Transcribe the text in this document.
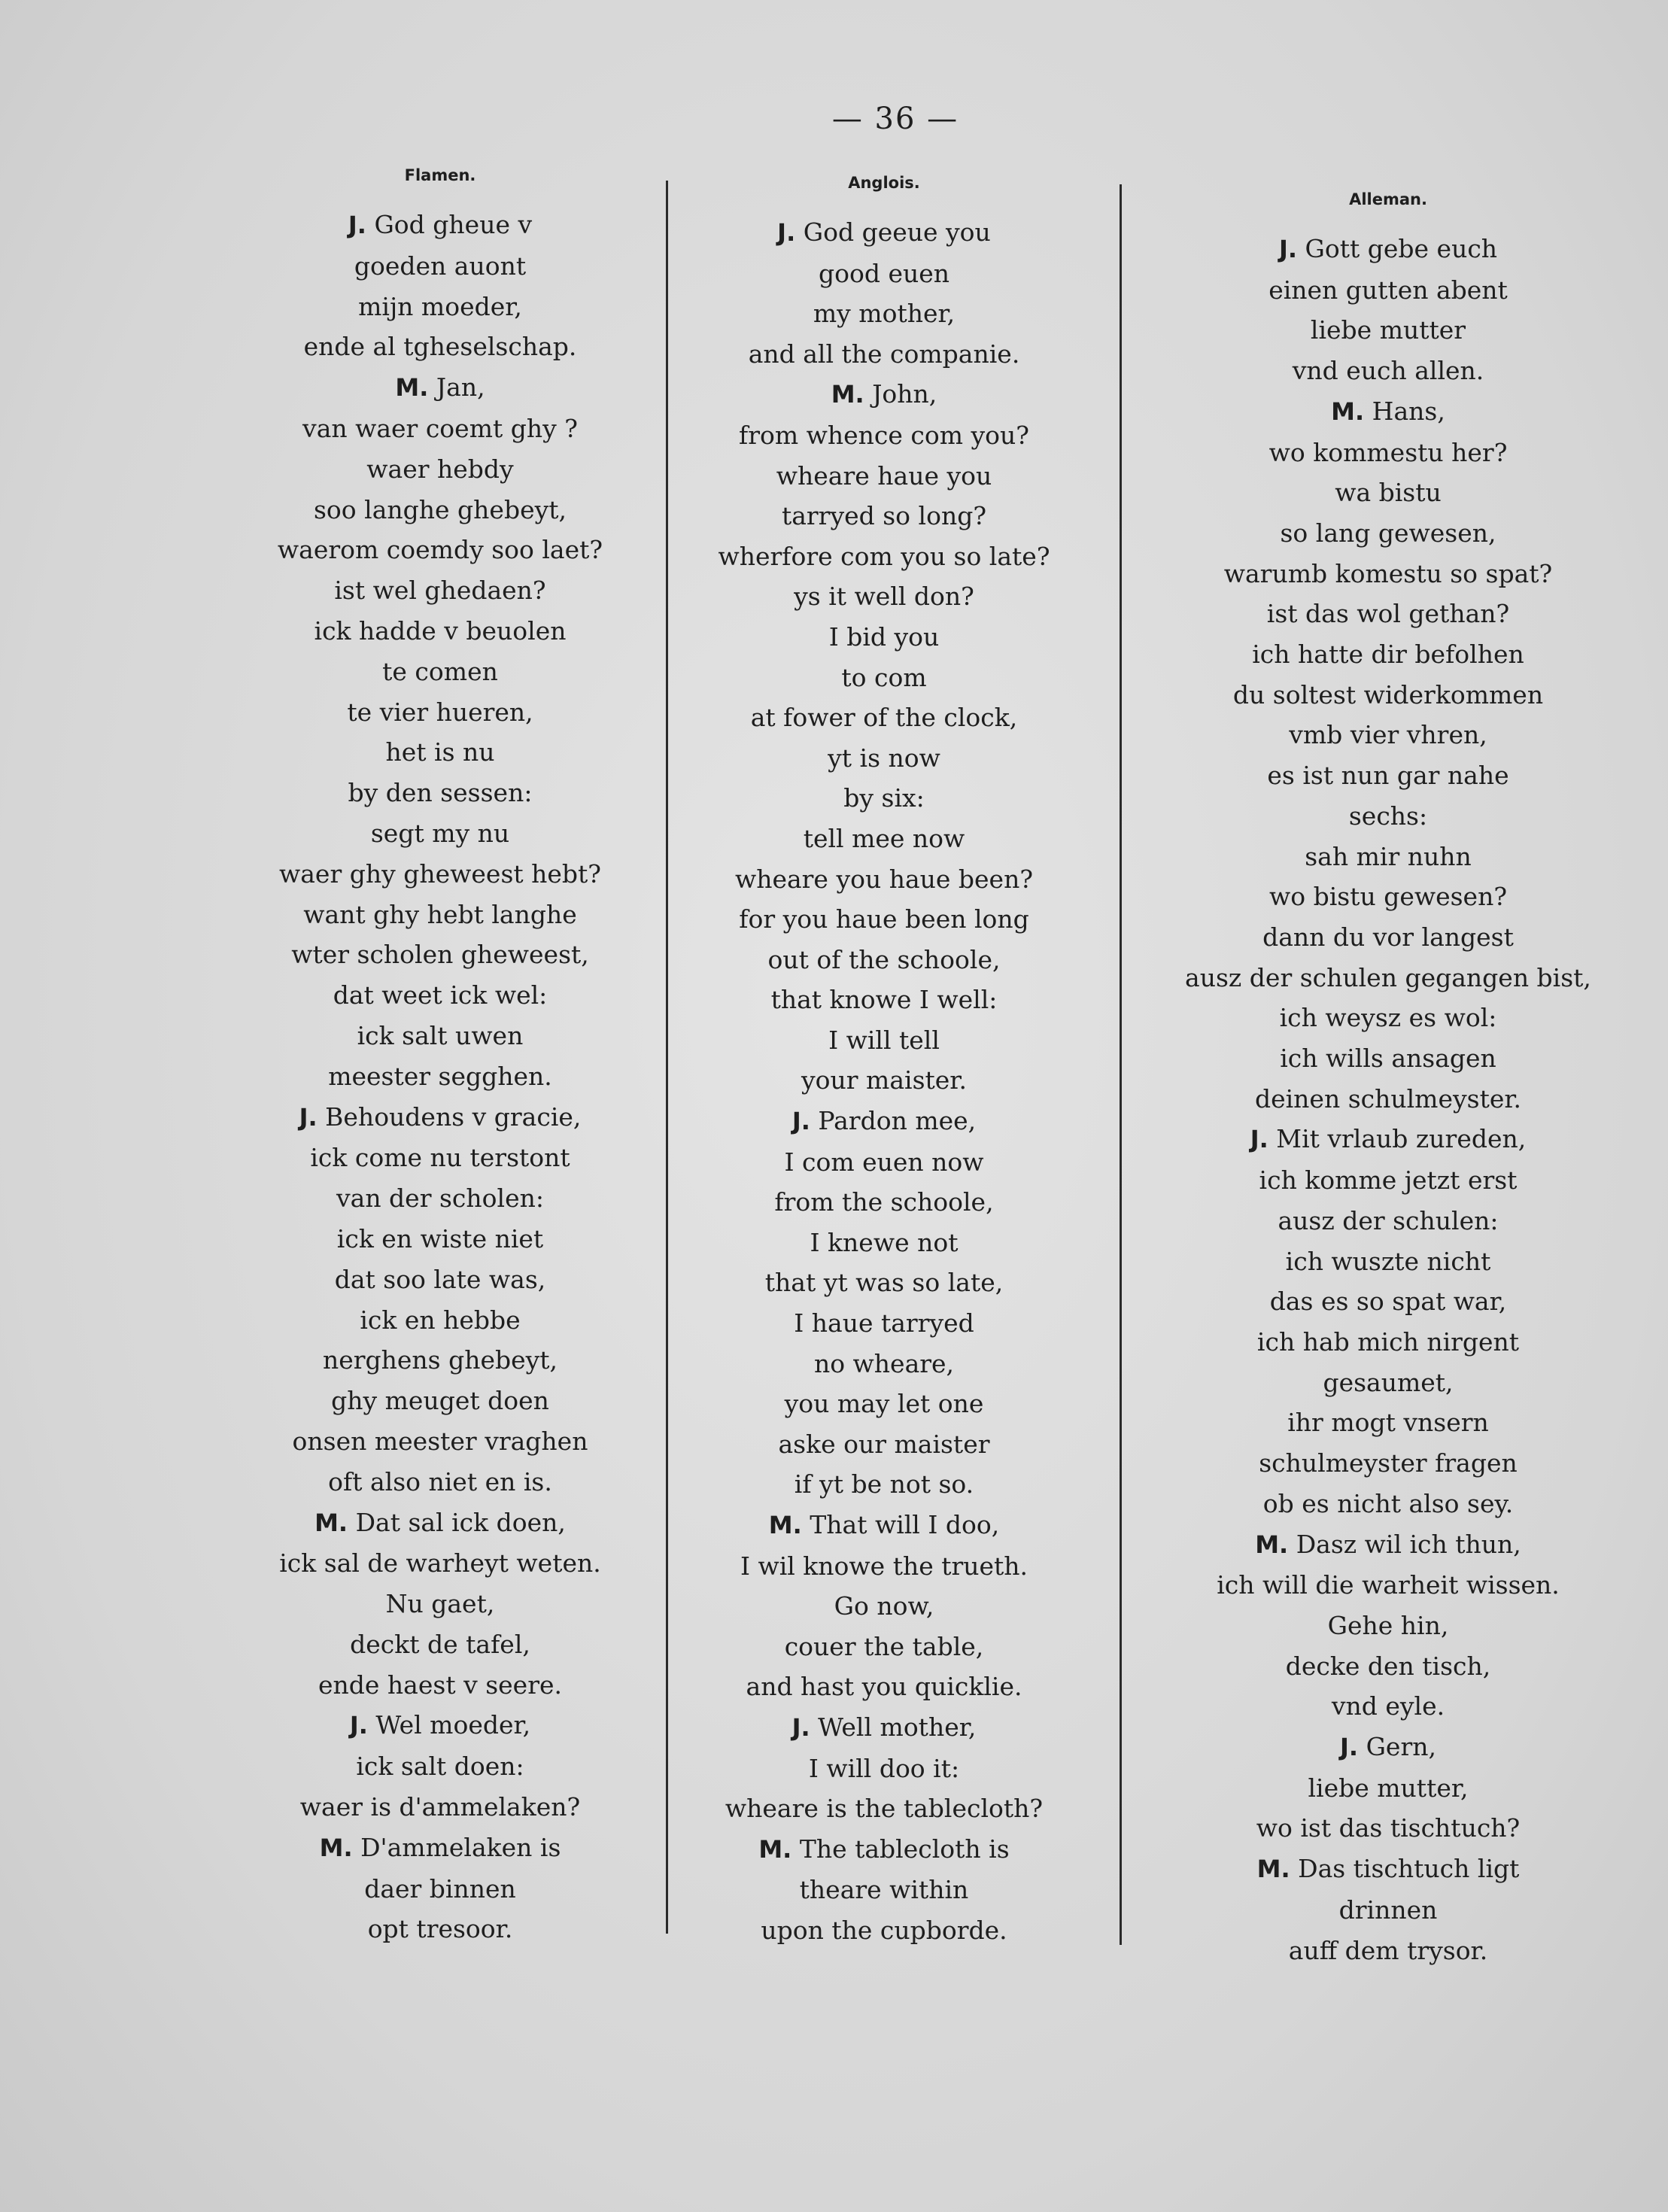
— 36 —
Flamen.
J. God gheue v
goeden auont
mijn moeder,
ende al tgheselschap.
M. Jan,
van waer coemt ghy ?
waer hebdy
soo langhe ghebeyt,
waerom coemdy soo laet?
ist wel ghedaen?
ick hadde v beuolen
te comen
te vier hueren,
het is nu
by den sessen:
segt my nu
waer ghy gheweest hebt?
want ghy hebt langhe
wter scholen gheweest,
dat weet ick wel:
ick salt uwen
meester segghen.
J. Behoudens v gracie,
ick come nu terstont
van der scholen:
ick en wiste niet
dat soo late was,
ick en hebbe
nerghens ghebeyt,
ghy meuget doen
onsen meester vraghen
oft also niet en is.
M. Dat sal ick doen,
ick sal de warheyt weten.
Nu gaet,
deckt de tafel,
ende haest v seere.
J. Wel moeder,
ick salt doen:
waer is d'ammelaken?
M. D'ammelaken is
daer binnen
opt tresoor.
Anglois.
J. God geeue you
good euen
my mother,
and all the companie.
M. John,
from whence com you?
wheare haue you
tarryed so long?
wherfore com you so late?
ys it well don?
I bid you
to com
at fower of the clock,
yt is now
by six:
tell mee now
wheare you haue been?
for you haue been long
out of the schoole,
that knowe I well:
I will tell
your maister.
J. Pardon mee,
I com euen now
from the schoole,
I knewe not
that yt was so late,
I haue tarryed
no wheare,
you may let one
aske our maister
if yt be not so.
M. That will I doo,
I wil knowe the trueth.
Go now,
couer the table,
and hast you quicklie.
J. Well mother,
I will doo it:
wheare is the tablecloth?
M. The tablecloth is
theare within
upon the cupborde.
Alleman.
J. Gott gebe euch
einen gutten abent
liebe mutter
vnd euch allen.
M. Hans,
wo kommestu her?
wa bistu
so lang gewesen,
warumb komestu so spat?
ist das wol gethan?
ich hatte dir befolhen
du soltest widerkommen
vmb vier vhren,
es ist nun gar nahe
sechs:
sah mir nuhn
wo bistu gewesen?
dann du vor langest
ausz der schulen gegangen bist,
ich weysz es wol:
ich wills ansagen
deinen schulmeyster.
J. Mit vrlaub zureden,
ich komme jetzt erst
ausz der schulen:
ich wuszte nicht
das es so spat war,
ich hab mich nirgent
gesaumet,
ihr mogt vnsern
schulmeyster fragen
ob es nicht also sey.
M. Dasz wil ich thun,
ich will die warheit wissen.
Gehe hin,
decke den tisch,
vnd eyle.
J. Gern,
liebe mutter,
wo ist das tischtuch?
M. Das tischtuch ligt
drinnen
auff dem trysor.
